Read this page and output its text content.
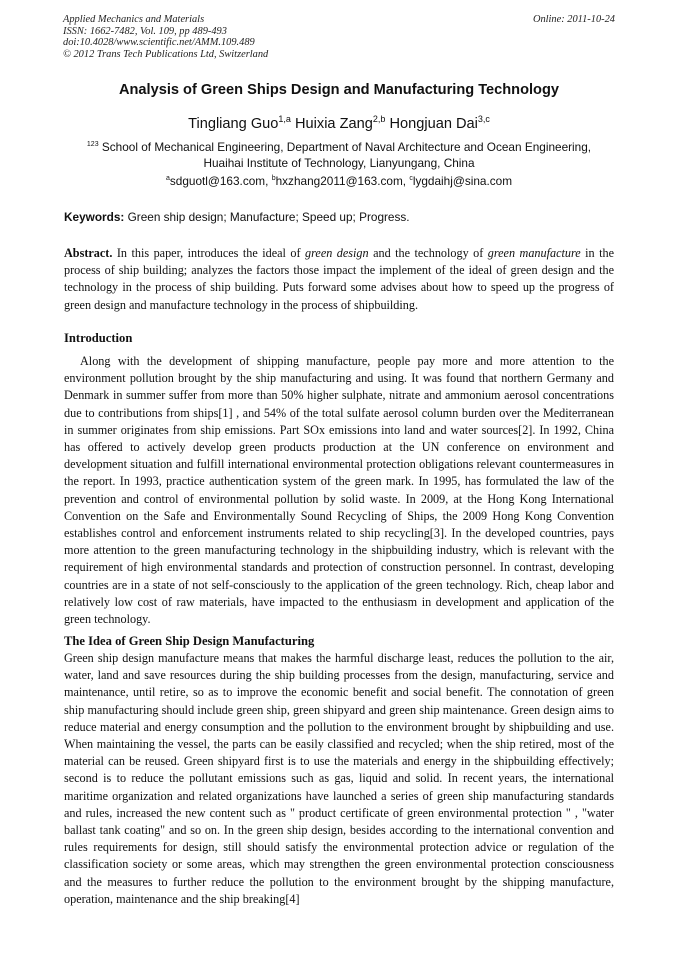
Applied Mechanics and Materials
ISSN: 1662-7482, Vol. 109, pp 489-493
doi:10.4028/www.scientific.net/AMM.109.489
© 2012 Trans Tech Publications Ltd, Switzerland
Online: 2011-10-24
Analysis of Green Ships Design and Manufacturing Technology
Tingliang Guo$^{1,a}$ Huixia Zang$^{2,b}$ Hongjuan Dai$^{3,c}$
$^{123}$ School of Mechanical Engineering, Department of Naval Architecture and Ocean Engineering,
Huaihai Institute of Technology, Lianyungang, China
$^a$sdguotl@163.com, $^b$hxzhang2011@163.com, $^c$lygdaihj@sina.com
Keywords: Green ship design; Manufacture; Speed up; Progress.

Abstract. In this paper, introduces the ideal of green design and the technology of green manufacture in the process of ship building; analyzes the factors those impact the implement of the ideal of green design and the technology in the process of ship building. Puts forward some advises about how to speed up the progress of green design and manufacture technology in the process of shipbuilding.

Introduction

Along with the development of shipping manufacture, people pay more and more attention to the environment pollution brought by the ship manufacturing and using. It was found that northern Germany and Denmark in summer suffer from more than 50% higher sulphate, nitrate and ammonium aerosol concentrations due to contributions from ships[1] , and 54% of the total sulfate aerosol column burden over the Mediterranean in summer originates from ship emissions. Part SOx emissions into land and water sources[2]. In 1992, China has offered to actively develop green products production at the UN conference on environment and development situation and fulfill international environmental protection obligations relevant countermeasures in the report. In 1993, practice authentication system of the green mark. In 1995, has formulated the law of the prevention and control of environmental pollution by solid waste. In 2009, at the Hong Kong International Convention on the Safe and Environmentally Sound Recycling of Ships, the 2009 Hong Kong Convention establishes control and enforcement instruments related to ship recycling[3]. In the developed countries, pays more attention to the green manufacturing technology in the shipbuilding industry, which is relevant with the requirement of high environmental standards and protection of construction personnel. In contrast, developing countries are in a state of not self-consciously to the application of the green technology. Rich, cheap labor and relatively low cost of raw materials, have impacted to the enthusiasm in development and application of the green technology.

The Idea of Green Ship Design Manufacturing

Green ship design manufacture means that makes the harmful discharge least, reduces the pollution to the air, water, land and save resources during the ship building processes from the design, manufacturing, service and maintenance, until retire, so as to improve the economic benefit and social benefit. The connotation of green ship manufacturing should include green ship, green shipyard and green ship maintenance. Green design aims to reduce material and energy consumption and the pollution to the environment brought by shipbuilding and use. When maintaining the vessel, the parts can be easily classified and recycled; when the ship retired, most of the material can be reused. Green shipyard first is to use the materials and energy in the shipbuilding effectively; second is to reduce the pollutant emissions such as gas, liquid and solid. In recent years, the international maritime organization and related organizations have launched a series of green ship manufacturing standards and rules, increased the new content such as " product certificate of green environmental protection " , "water ballast tank coating" and so on. In the green ship design, besides according to the international convention and rules requirements for design, still should satisfy the environmental protection advice or regulation of the classification society or some areas, which may strengthen the green environmental protection consciousness and the measures to further reduce the pollution to the environment brought by the shipping manufacture, operation, maintenance and the ship breaking[4]
